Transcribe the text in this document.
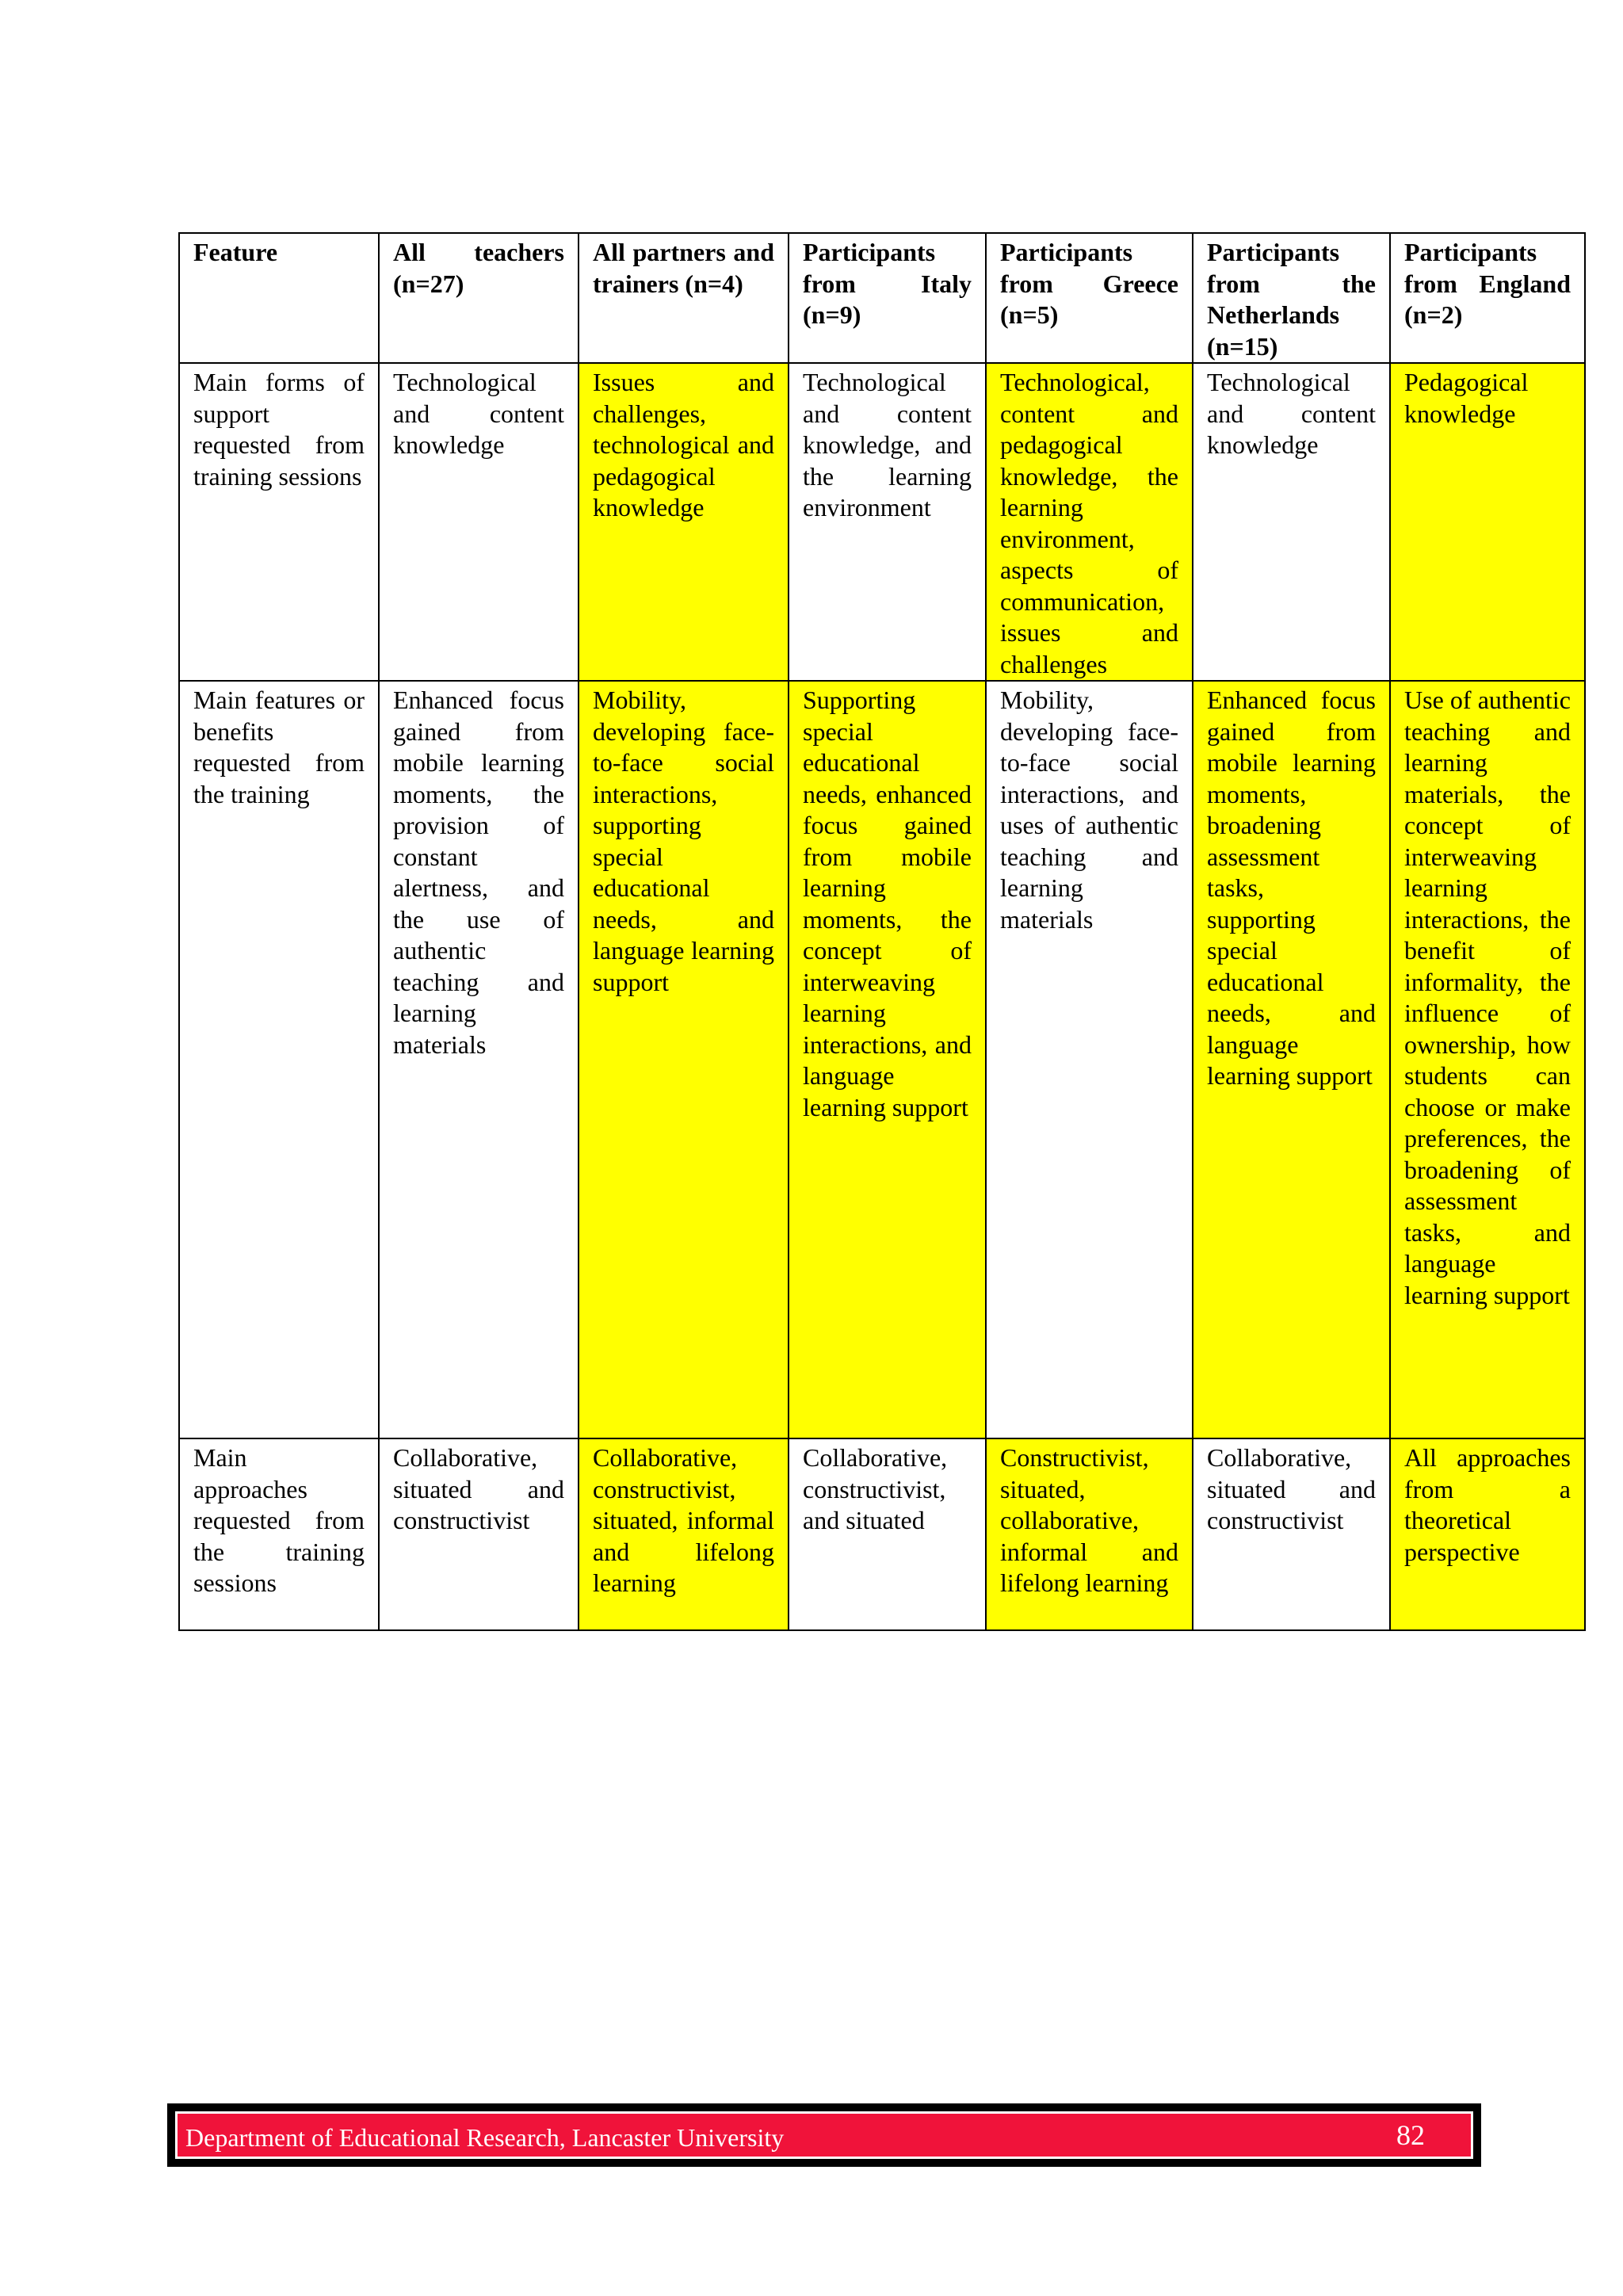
Feature	All teachers (n=27)	All partners and trainers (n=4)	Participants from Italy (n=9)	Participants from Greece (n=5)	Participants from the Netherlands (n=15)	Participants from England (n=2)
Main forms of support requested from training sessions	Technological and content knowledge	Issues and challenges, technological and pedagogical knowledge	Technological and content knowledge, and the learning environment	Technological, content and pedagogical knowledge, the learning environment, aspects of communication, issues and challenges	Technological and content knowledge	Pedagogical knowledge
Main features or benefits requested from the training	Enhanced focus gained from mobile learning moments, the provision of constant alertness, and the use of authentic teaching and learning materials	Mobility, developing face-to-face social interactions, supporting special educational needs, and language learning support	Supporting special educational needs, enhanced focus gained from mobile learning moments, the concept of interweaving learning interactions, and language learning support	Mobility, developing face-to-face social interactions, and uses of authentic teaching and learning materials	Enhanced focus gained from mobile learning moments, broadening assessment tasks, supporting special educational needs, and language learning support	Use of authentic teaching and learning materials, the concept of interweaving learning interactions, the benefit of informality, the influence of ownership, how students can choose or make preferences, the broadening of assessment tasks, and language learning support
Main approaches requested from the training sessions	Collaborative, situated and constructivist	Collaborative, constructivist, situated, informal and lifelong learning	Collaborative, constructivist, and situated	Constructivist, situated, collaborative, informal and lifelong learning	Collaborative, situated and constructivist	All approaches from a theoretical perspective
Department of Educational Research, Lancaster University	82
